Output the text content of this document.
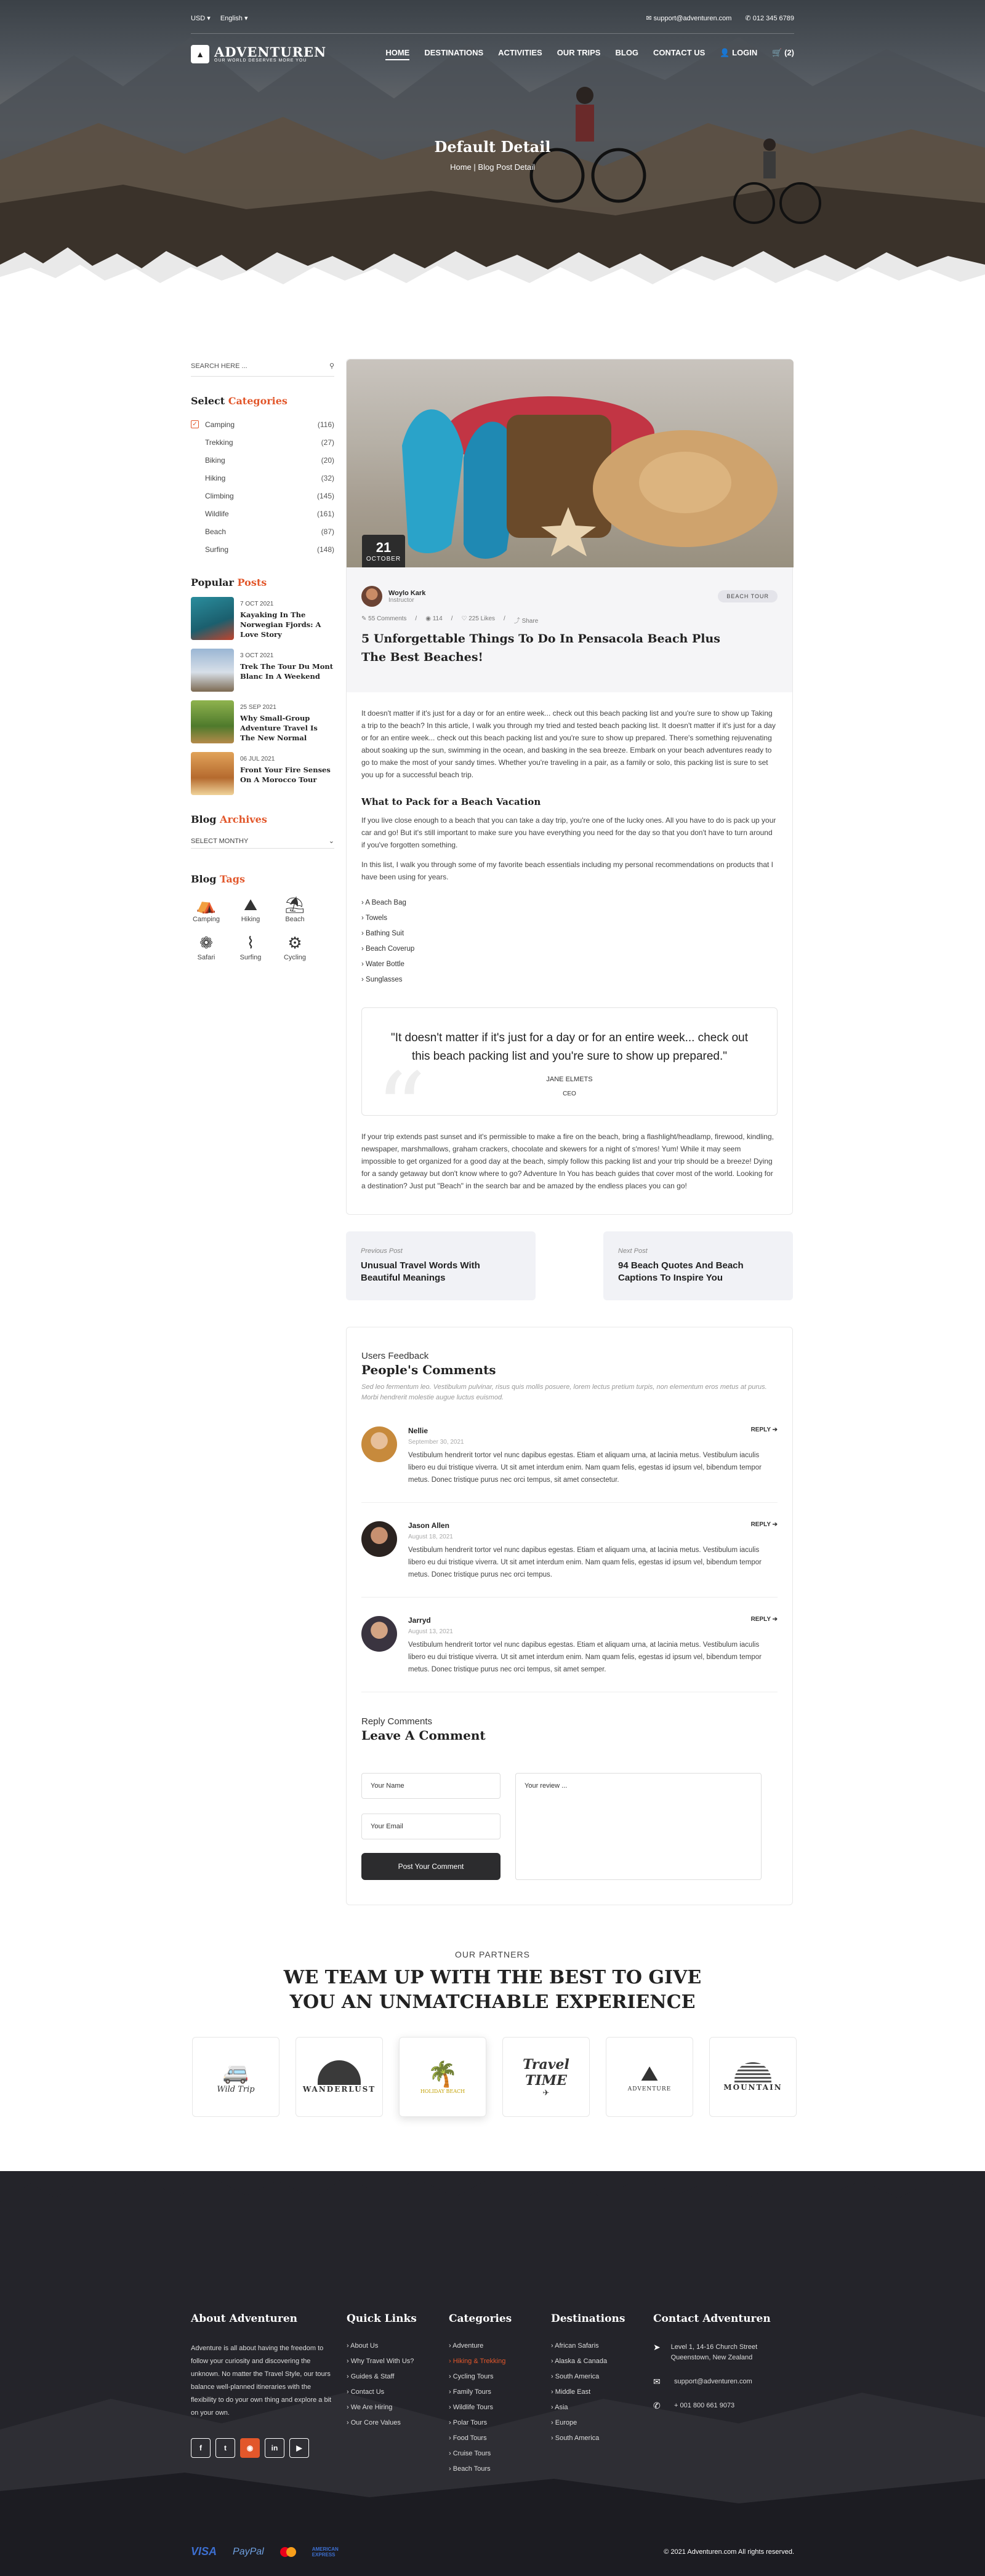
USD ▾ English ▾	✉ support@adventuren.com ✆ 012 345 6789
▲ ADVENTUREN
OUR WORLD DESERVES MORE YOU
HOME DESTINATIONS ACTIVITIES OUR TRIPS BLOG CONTACT US 👤 LOGIN 🛒 (2)
Default Detail
Home | Blog Post Detail
SEARCH HERE ...	⚲
Select Categories
✓ Camping	(116)
Trekking	(27)
Biking	(20)
Hiking	(32)
Climbing	(145)
Wildlife	(161)
Beach	(87)
Surfing	(148)
Popular Posts
7 OCT 2021
Kayaking In The Norwegian Fjords: A Love Story
3 OCT 2021
Trek The Tour Du Mont Blanc In A Weekend
25 SEP 2021
Why Small-Group Adventure Travel Is The New Normal
06 JUL 2021
Front Your Fire Senses On A Morocco Tour
Blog Archives
SELECT MONTHY	⌄
Blog Tags
⛺
Camping
⛰
Hiking
⛱
Beach
❁
Safari
⌇
Surfing
⚙
Cycling
21
OCTOBER
Woylo Kark
Instructor
BEACH TOUR
✎ 55 Comments / ◉ 114 / ♡ 225 Likes / ⤴ Share
5 Unforgettable Things To Do In Pensacola Beach Plus The Best Beaches!

It doesn't matter if it's just for a day or for an entire week... check out this beach packing list and you're sure to show up Taking a trip to the beach? In this article, I walk you through my tried and tested beach packing list. It doesn't matter if it's just for a day or for an entire week... check out this beach packing list and you're sure to show up prepared. There's something rejuvenating about soaking up the sun, swimming in the ocean, and basking in the sea breeze. Embark on your beach adventures ready to go to make the most of your sandy times. Whether you're traveling in a pair, as a family or solo, this packing list is sure to set you up for a successful beach trip.

What to Pack for a Beach Vacation

If you live close enough to a beach that you can take a day trip, you're one of the lucky ones. All you have to do is pack up your car and go! But it's still important to make sure you have everything you need for the day so that you don't have to turn around if you've forgotten something.

In this list, I walk you through some of my favorite beach essentials including my personal recommendations on products that I have been using for years.

› A Beach Bag
› Towels
› Bathing Suit
› Beach Coverup
› Water Bottle
› Sunglasses
“
"It doesn't matter if it's just for a day or for an entire week... check out this beach packing list and you're sure to show up prepared."
JANE ELMETS
CEO

If your trip extends past sunset and it's permissible to make a fire on the beach, bring a flashlight/headlamp, firewood, kindling, newspaper, marshmallows, graham crackers, chocolate and skewers for a night of s'mores! Yum! While it may seem impossible to get organized for a good day at the beach, simply follow this packing list and your trip should be a breeze! Dying for a sandy getaway but don't know where to go? Adventure In You has beach guides that cover most of the world. Looking for a destination? Just put "Beach" in the search bar and be amazed by the endless places you can go!

Previous Post
Unusual Travel Words With Beautiful Meanings
Next Post
94 Beach Quotes And Beach Captions To Inspire You
Users Feedback
People's Comments
Sed leo fermentum leo. Vestibulum pulvinar, risus quis mollis posuere, lorem lectus pretium turpis, non elementum eros metus at purus. Morbi hendrerit molestie augue luctus euismod.
Nellie
September 30, 2021
Vestibulum hendrerit tortor vel nunc dapibus egestas. Etiam et aliquam urna, at lacinia metus. Vestibulum iaculis libero eu dui tristique viverra. Ut sit amet interdum enim. Nam quam felis, egestas id ipsum vel, bibendum tempor metus. Donec tristique purus nec orci tempus, sit amet consectetur.
REPLY ➔
Jason Allen
August 18, 2021
Vestibulum hendrerit tortor vel nunc dapibus egestas. Etiam et aliquam urna, at lacinia metus. Vestibulum iaculis libero eu dui tristique viverra. Ut sit amet interdum enim. Nam quam felis, egestas id ipsum vel, bibendum tempor metus. Donec tristique purus nec orci tempus.
REPLY ➔
Jarryd
August 13, 2021
Vestibulum hendrerit tortor vel nunc dapibus egestas. Etiam et aliquam urna, at lacinia metus. Vestibulum iaculis libero eu dui tristique viverra. Ut sit amet interdum enim. Nam quam felis, egestas id ipsum vel, bibendum tempor metus. Donec tristique purus nec orci tempus, sit amet semper.
REPLY ➔
Reply Comments
Leave A Comment
Your Name
Your Email
Your review ...
Post Your Comment
OUR PARTNERS
WE TEAM UP WITH THE BEST TO GIVE YOU AN UNMATCHABLE EXPERIENCE
🚐
Wild Trip	WANDERLUST
🌴
HOLIDAY BEACH
Travel TIME
✈
⛰
ADVENTURE	MOUNTAIN
About Adventuren
Adventure is all about having the freedom to follow your curiosity and discovering the unknown. No matter the Travel Style, our tours balance well-planned itineraries with the flexibility to do your own thing and explore a bit on your own.
f	t	◉	in	▶
Quick Links
› About Us
› Why Travel With Us?
› Guides & Staff
› Contact Us
› We Are Hiring
› Our Core Values
Categories
› Adventure
› Hiking & Trekking
› Cycling Tours
› Family Tours
› Wildlife Tours
› Polar Tours
› Food Tours
› Cruise Tours
› Beach Tours
Destinations
› African Safaris
› Alaska & Canada
› South America
› Middle East
› Asia
› Europe
› South America
Contact Adventuren
➤ Level 1, 14-16 Church Street Queenstown, New Zealand
✉	support@adventuren.com
✆	+ 001 800 661 9073
VISA PayPal	AMERICAN EXPRESS	© 2021 Adventuren.com All rights reserved.
